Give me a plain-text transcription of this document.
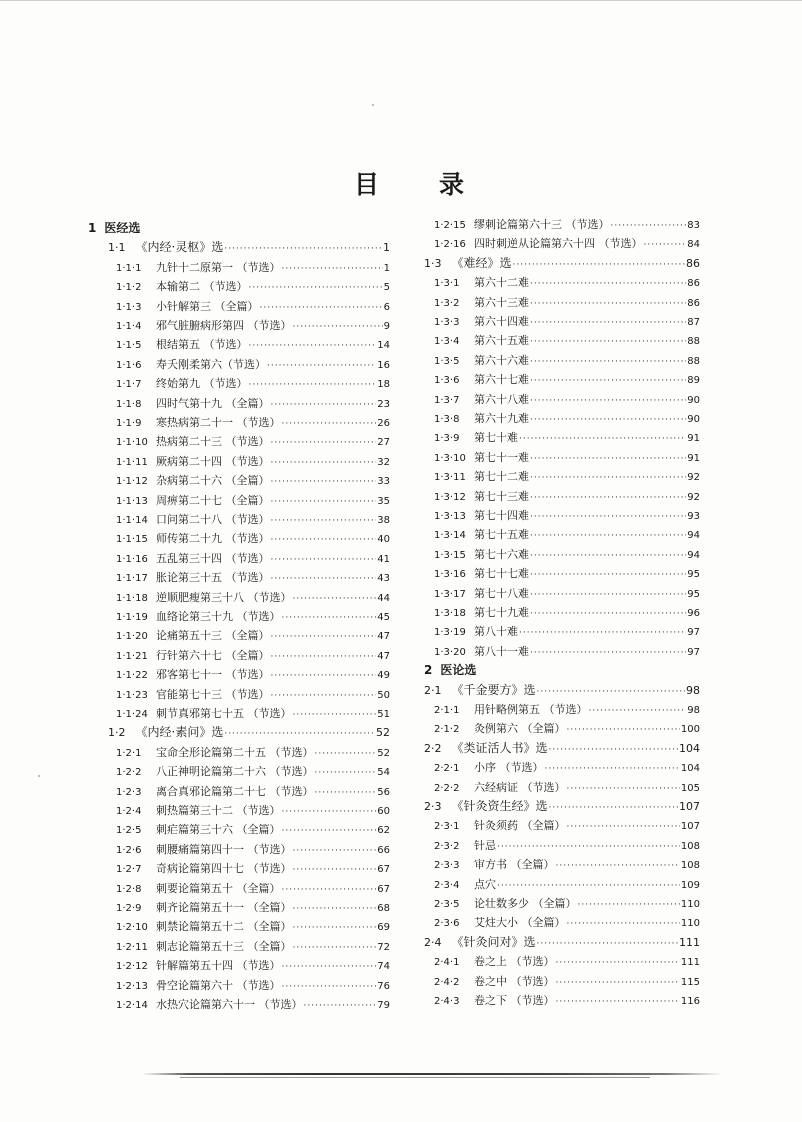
目 录
1 医经选
1·1 《内经·灵枢》选 ·····	1
1·1·1	九针十二原第一 （节选） ·····	1
1·1·2	本输第二 （节选） ·····	5
1·1·3	小针解第三 （全篇） ·····	6
1·1·4	邪气脏腑病形第四 （节选） ·····	9
1·1·5	根结第五 （节选） ·····	14
1·1·6	寿夭刚柔第六（节选） ·····	16
1·1·7	终始第九 （节选） ·····	18
1·1·8	四时气第十九 （全篇） ·····	23
1·1·9	寒热病第二十一 （节选） ·····	26
1·1·10 热病第二十三 （节选） ·····	27
1·1·11 厥病第二十四 （节选） ·····	32
1·1·12 杂病第二十六 （全篇） ·····	33
1·1·13 周痹第二十七 （全篇） ·····	35
1·1·14 口问第二十八 （节选） ·····	38
1·1·15 师传第二十九 （节选） ·····	40
1·1·16 五乱第三十四 （节选） ·····	41
1·1·17 胀论第三十五 （节选） ·····	43
1·1·18 逆顺肥瘦第三十八 （节选） ·····	44
1·1·19 血络论第三十九 （节选） ·····	45
1·1·20 论痛第五十三 （全篇） ·····	47
1·1·21 行针第六十七 （全篇） ·····	47
1·1·22 邪客第七十一 （节选） ·····	49
1·1·23 官能第七十三 （节选） ·····	50
1·1·24 刺节真邪第七十五 （节选） ·····	51
1·2 《内经·素问》选 ·····	52
1·2·1	宝命全形论篇第二十五 （节选） ·····	52
1·2·2	八正神明论篇第二十六 （节选） ·····	54
1·2·3	离合真邪论篇第二十七 （节选） ·····	56
1·2·4	刺热篇第三十二 （节选） ·····	60
1·2·5	刺疟篇第三十六 （全篇） ·····	62
1·2·6	刺腰痛篇第四十一 （节选） ·····	66
1·2·7	奇病论篇第四十七 （节选） ·····	67
1·2·8	刺要论篇第五十 （全篇） ·····	67
1·2·9	刺齐论篇第五十一 （全篇） ·····	68
1·2·10 刺禁论篇第五十二 （全篇） ·····	69
1·2·11 刺志论篇第五十三 （全篇） ·····	72
1·2·12 针解篇第五十四 （节选） ·····	74
1·2·13 骨空论篇第六十 （节选） ·····	76
1·2·14 水热穴论篇第六十一 （节选） ·····	79
1·2·15 缪刺论篇第六十三 （节选） ·····	83
1·2·16 四时刺逆从论篇第六十四 （节选） ·····	84
1·3 《难经》选 ·····	86
1·3·1	第六十二难 ·····	86
1·3·2	第六十三难 ·····	86
1·3·3	第六十四难 ·····	87
1·3·4	第六十五难 ·····	88
1·3·5	第六十六难 ·····	88
1·3·6	第六十七难 ·····	89
1·3·7	第六十八难 ·····	90
1·3·8	第六十九难 ·····	90
1·3·9	第七十难 ·····	91
1·3·10 第七十一难 ·····	91
1·3·11 第七十二难 ·····	92
1·3·12 第七十三难 ·····	92
1·3·13 第七十四难 ·····	93
1·3·14 第七十五难 ·····	94
1·3·15 第七十六难 ·····	94
1·3·16 第七十七难 ·····	95
1·3·17 第七十八难 ·····	95
1·3·18 第七十九难 ·····	96
1·3·19 第八十难 ·····	97
1·3·20 第八十一难 ·····	97
2 医论选
2·1 《千金要方》选 ·····	98
2·1·1	用针略例第五 （节选） ·····	98
2·1·2	灸例第六 （全篇） ·····	100
2·2 《类证活人书》选 ·····	104
2·2·1	小序 （节选） ·····	104
2·2·2	六经病证 （节选） ·····	105
2·3 《针灸资生经》选 ·····	107
2·3·1	针灸须药 （全篇） ·····	107
2·3·2	针忌 ·····	108
2·3·3	审方书 （全篇） ·····	108
2·3·4	点穴 ·····	109
2·3·5	论壮数多少 （全篇） ·····	110
2·3·6	艾炷大小 （全篇） ·····	110
2·4 《针灸问对》选 ·····	111
2·4·1	卷之上 （节选） ·····	111
2·4·2	卷之中 （节选） ·····	115
2·4·3	卷之下 （节选） ·····	116
